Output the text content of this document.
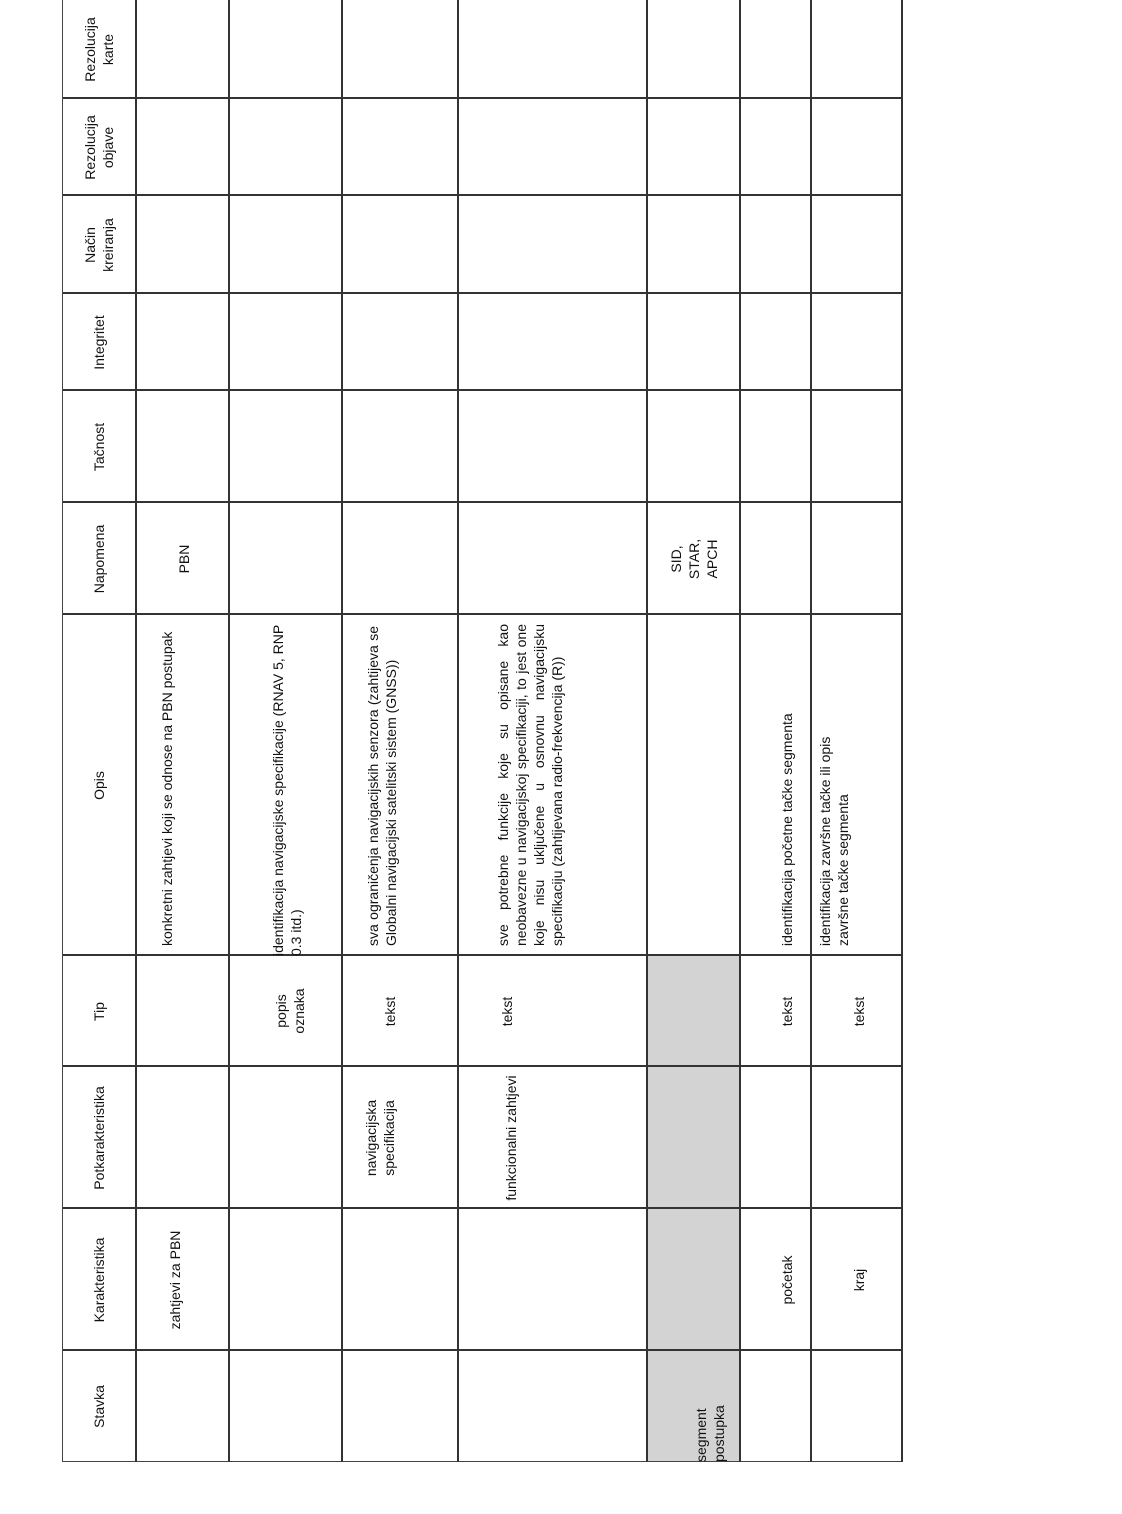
Stavka
Karakteristika
Potkarakteristika
Tip
Opis
Napomena
Tačnost
Integritet
Način kreiranja
Rezolucija objave
Rezolucija karte
zahtjevi za PBN
konkretni zahtjevi koji se odnose na PBN postupak
PBN
popis oznaka
identifikacija navigacijske specifikacije (RNAV 5, RNP 0.3 itd.)
navigacijska specifikacija
tekst
sva ograničenja navigacijskih senzora (zahtijeva se Globalni navigacijski satelitski sistem (GNSS))
funkcionalni zahtjevi
tekst
sve potrebne funkcije koje su opisane kao neobavezne u navigacijskoj specifikaciji, to jest one koje nisu uključene u osnovnu navigacijsku specifikaciju (zahtijevana radio-frekvencija (R))
segment postupka
SID, STAR, APCH
početak
tekst
identifikacija početne tačke segmenta
kraj
tekst
identifikacija završne tačke ili opis završne tačke segmenta
